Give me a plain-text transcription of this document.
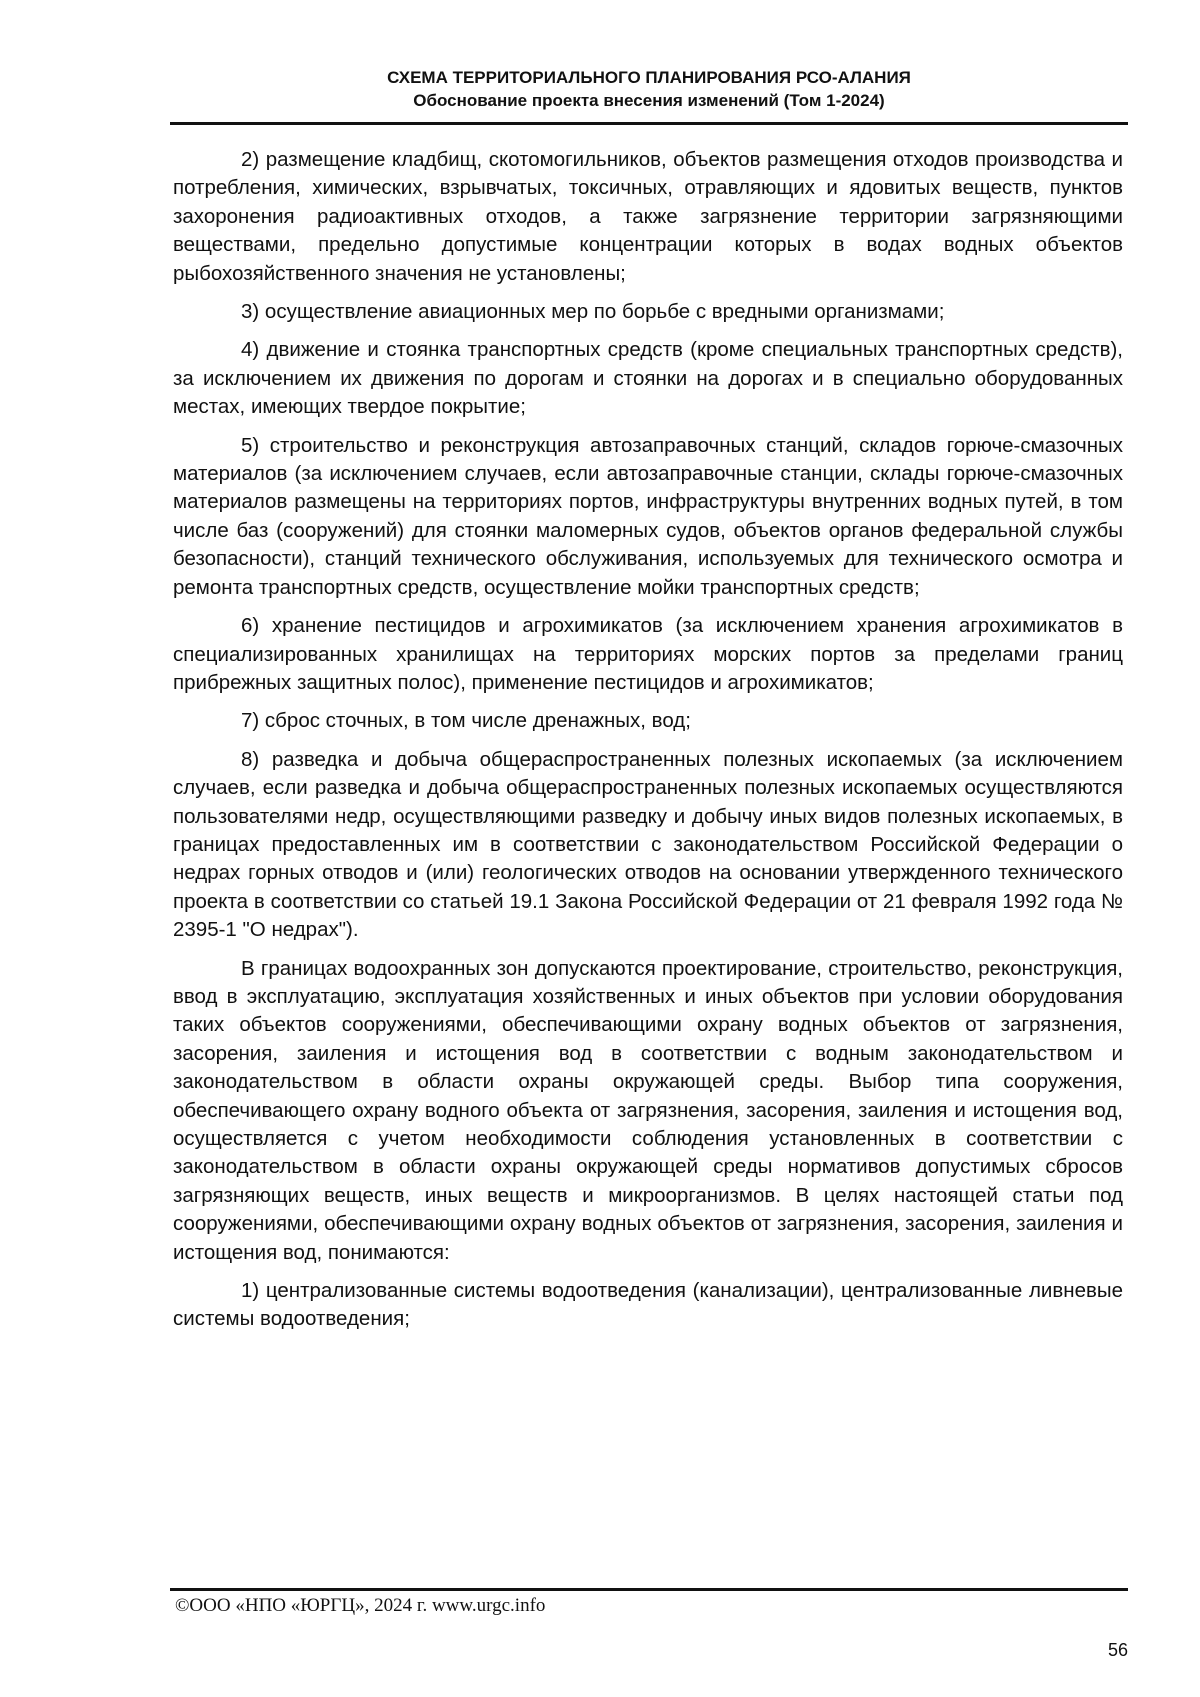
СХЕМА ТЕРРИТОРИАЛЬНОГО ПЛАНИРОВАНИЯ РСО-АЛАНИЯ
Обоснование проекта внесения изменений (Том 1-2024)

2) размещение кладбищ, скотомогильников, объектов размещения отходов производства и потребления, химических, взрывчатых, токсичных, отравляющих и ядовитых веществ, пунктов захоронения радиоактивных отходов, а также загрязнение территории загрязняющими веществами, предельно допустимые концентрации которых в водах водных объектов рыбохозяйственного значения не установлены;

3) осуществление авиационных мер по борьбе с вредными организмами;

4) движение и стоянка транспортных средств (кроме специальных транспортных средств), за исключением их движения по дорогам и стоянки на дорогах и в специально оборудованных местах, имеющих твердое покрытие;

5) строительство и реконструкция автозаправочных станций, складов горюче-смазочных материалов (за исключением случаев, если автозаправочные станции, склады горюче-смазочных материалов размещены на территориях портов, инфраструктуры внутренних водных путей, в том числе баз (сооружений) для стоянки маломерных судов, объектов органов федеральной службы безопасности), станций технического обслуживания, используемых для технического осмотра и ремонта транспортных средств, осуществление мойки транспортных средств;

6) хранение пестицидов и агрохимикатов (за исключением хранения агрохимикатов в специализированных хранилищах на территориях морских портов за пределами границ прибрежных защитных полос), применение пестицидов и агрохимикатов;

7) сброс сточных, в том числе дренажных, вод;

8) разведка и добыча общераспространенных полезных ископаемых (за исключением случаев, если разведка и добыча общераспространенных полезных ископаемых осуществляются пользователями недр, осуществляющими разведку и добычу иных видов полезных ископаемых, в границах предоставленных им в соответствии с законодательством Российской Федерации о недрах горных отводов и (или) геологических отводов на основании утвержденного технического проекта в соответствии со статьей 19.1 Закона Российской Федерации от 21 февраля 1992 года № 2395-1 "О недрах").

В границах водоохранных зон допускаются проектирование, строительство, реконструкция, ввод в эксплуатацию, эксплуатация хозяйственных и иных объектов при условии оборудования таких объектов сооружениями, обеспечивающими охрану водных объектов от загрязнения, засорения, заиления и истощения вод в соответствии с водным законодательством и законодательством в области охраны окружающей среды. Выбор типа сооружения, обеспечивающего охрану водного объекта от загрязнения, засорения, заиления и истощения вод, осуществляется с учетом необходимости соблюдения установленных в соответствии с законодательством в области охраны окружающей среды нормативов допустимых сбросов загрязняющих веществ, иных веществ и микроорганизмов. В целях настоящей статьи под сооружениями, обеспечивающими охрану водных объектов от загрязнения, засорения, заиления и истощения вод, понимаются:

1) централизованные системы водоотведения (канализации), централизованные ливневые системы водоотведения;

©ООО «НПО «ЮРГЦ», 2024 г. www.urgc.info
56
